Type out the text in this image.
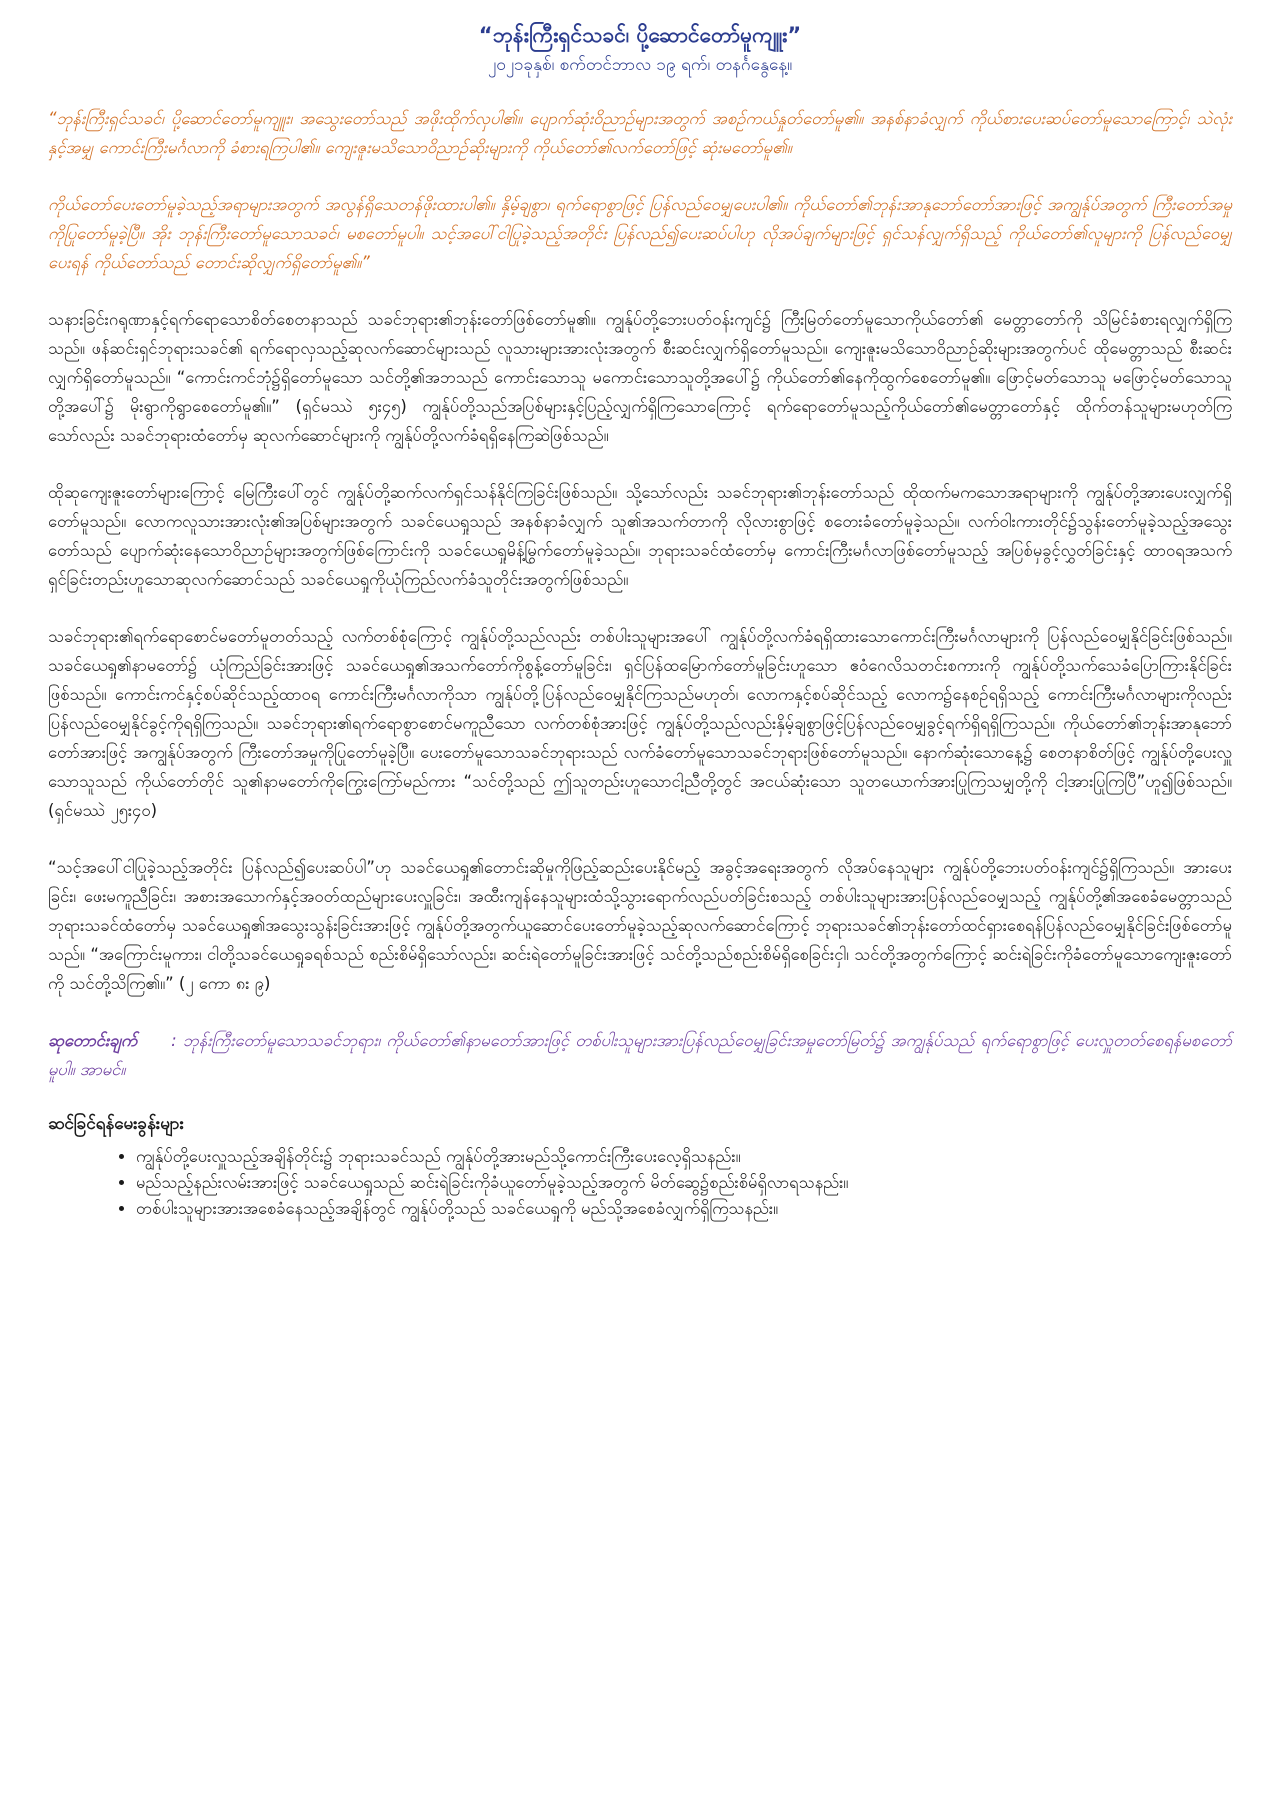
“ဘုန်းကြီးရှင်သခင်၊ ပို့ဆောင်တော်မူကျူး”
၂၀၂၁ခုနှစ်၊ စက်တင်ဘာလ ၁၉ ရက်၊ တနင်္ဂနွေနေ့။

“ဘုန်းကြီးရှင်သခင်၊ ပို့ဆောင်တော်မူကျူး၊ အသွေးတော်သည် အဖိုးထိုက်လှပါ၏။ ပျောက်ဆုံးဝိညာဉ်များအတွက် အစဉ်ကယ်နှုတ်တော်မူ၏။ အနစ်နာခံလျှက် ကိုယ်စားပေးဆပ်တော်မူသောကြောင့်၊ သဲလုံးနှင့်အမျှ ကောင်းကြီးမင်္ဂလာကို ခံစားရကြပါ၏။ ကျေးဇူးမသိသောဝိညာဉ်ဆိုးများကို ကိုယ်တော်၏လက်တော်ဖြင့် ဆုံးမတော်မူ၏။

ကိုယ်တော်ပေးတော်မူခဲ့သည့်အရာများအတွက် အလွန်ရှိသေတန်ဖိုးထားပါ၏။ နှိမ့်ချစွာ၊ ရက်ရောစွာဖြင့် ပြန်လည်ဝေမျှပေးပါ၏။ ကိုယ်တော်၏ဘုန်းအာနုဘော်တော်အားဖြင့် အကျွန်ုပ်အတွက် ကြီးတော်အမှုကိုပြုတော်မူခဲ့ပြီ။ အိုး ဘုန်းကြီးတော်မူသောသခင်၊ မစတော်မူပါ။ သင့်အပေါ်ငါပြုခဲ့သည့်အတိုင်း ပြန်လည်၍ပေးဆပ်ပါဟု လိုအပ်ချက်များဖြင့် ရှင်သန်လျှက်ရှိသည့် ကိုယ်တော်၏လူများကို ပြန်လည်ဝေမျှပေးရန် ကိုယ်တော်သည် တောင်းဆိုလျှက်ရှိတော်မူ၏။”

သနားခြင်းဂရုဏာနှင့်ရက်ရောသောစိတ်စေတနာသည် သခင်ဘုရား၏ဘုန်းတော်ဖြစ်တော်မူ၏။ ကျွန်ုပ်တို့ဘေးပတ်ဝန်းကျင်၌ ကြီးမြတ်တော်မူသောကိုယ်တော်၏ မေတ္တာတော်ကို သိမြင်ခံစားရလျှက်ရှိကြသည်။ ဖန်ဆင်းရှင်ဘုရားသခင်၏ ရက်ရောလှသည့်ဆုလက်ဆောင်များသည် လူသားများအားလုံးအတွက် စီးဆင်းလျှက်ရှိတော်မူသည်။ ကျေးဇူးမသိသောဝိညာဉ်ဆိုးများအတွက်ပင် ထိုမေတ္တာသည် စီးဆင်းလျှက်ရှိတော်မူသည်။ “ကောင်းကင်ဘုံ၌ရှိတော်မူသော သင်တို့၏အဘသည် ကောင်းသောသူ မကောင်းသောသူတို့အပေါ်၌ ကိုယ်တော်၏နေကိုထွက်စေတော်မူ၏။ ဖြောင့်မတ်သောသူ မဖြောင့်မတ်သောသူတို့အပေါ်၌ မိုးရွာကိုရွာစေတော်မူ၏။” (ရှင်မဿဲ ၅း၄၅) ကျွန်ုပ်တို့သည်အပြစ်များနှင့်ပြည့်လျှက်ရှိကြသောကြောင့် ရက်ရောတော်မူသည့်ကိုယ်တော်၏မေတ္တာတော်နှင့် ထိုက်တန်သူများမဟုတ်ကြသော်လည်း သခင်ဘုရားထံတော်မှ ဆုလက်ဆောင်များကို ကျွန်ုပ်တို့လက်ခံရရှိနေကြဆဲဖြစ်သည်။

ထိုဆုကျေးဇူးတော်များကြောင့် မြေကြီးပေါ်တွင် ကျွန်ုပ်တို့ဆက်လက်ရှင်သန်နိုင်ကြခြင်းဖြစ်သည်။ သို့သော်လည်း သခင်ဘုရား၏ဘုန်းတော်သည် ထိုထက်မကသောအရာများကို ကျွန်ုပ်တို့အားပေးလျှက်ရှိတော်မူသည်။ လောကလူသားအားလုံး၏အပြစ်များအတွက် သခင်ယေရှုသည် အနစ်နာခံလျှက် သူ၏အသက်တာကို လိုလားစွာဖြင့် စတေးခံတော်မူခဲ့သည်။ လက်ဝါးကားတိုင်၌သွန်းတော်မူခဲ့သည့်အသွေးတော်သည် ပျောက်ဆုံးနေသောဝိညာဉ်များအတွက်ဖြစ်ကြောင်းကို သခင်ယေရှုမိန့်မြွက်တော်မူခဲ့သည်။ ဘုရားသခင်ထံတော်မှ ကောင်းကြီးမင်္ဂလာဖြစ်တော်မူသည့် အပြစ်မှခွင့်လွှတ်ခြင်းနှင့် ထာဝရအသက်ရှင်ခြင်းတည်းဟူသောဆုလက်ဆောင်သည် သခင်ယေရှုကိုယုံကြည်လက်ခံသူတိုင်းအတွက်ဖြစ်သည်။

သခင်ဘုရား၏ရက်ရောစောင်မတော်မူတတ်သည့် လက်တစ်စုံကြောင့် ကျွန်ုပ်တို့သည်လည်း တစ်ပါးသူများအပေါ် ကျွန်ုပ်တို့လက်ခံရရှိထားသောကောင်းကြီးမင်္ဂလာများကို ပြန်လည်ဝေမျှနိုင်ခြင်းဖြစ်သည်။ သခင်ယေရှု၏နာမတော်၌ ယုံကြည်ခြင်းအားဖြင့် သခင်ယေရှု၏အသက်တော်ကိုစွန့်တော်မူခြင်း၊ ရှင်ပြန်ထမြောက်တော်မူခြင်းဟူသော ဧဝံဂေလိသတင်းစကားကို ကျွန်ုပ်တို့သက်သေခံပြောကြားနိုင်ခြင်းဖြစ်သည်။ ကောင်းကင်နှင့်စပ်ဆိုင်သည့်ထာဝရ ကောင်းကြီးမင်္ဂလာကိုသာ ကျွန်ုပ်တို့ပြန်လည်ဝေမျှနိုင်ကြသည်မဟုတ်၊ လောကနှင့်စပ်ဆိုင်သည့် လောက၌နေစဉ်ရရှိသည့် ကောင်းကြီးမင်္ဂလာများကိုလည်း ပြန်လည်ဝေမျှနိုင်ခွင့်ကိုရရှိကြသည်။ သခင်ဘုရား၏ရက်ရောစွာစောင်မကူညီသော လက်တစ်စုံအားဖြင့် ကျွန်ုပ်တို့သည်လည်းနှိမ့်ချစွာဖြင့်ပြန်လည်ဝေမျှခွင့်ရက်ရှိရရှိကြသည်။ ကိုယ်တော်၏ဘုန်းအာနုဘော်တော်အားဖြင့် အကျွန်ုပ်အတွက် ကြီးတော်အမှုကိုပြုတော်မူခဲ့ပြီ။ ပေးတော်မူသောသခင်ဘုရားသည် လက်ခံတော်မူသောသခင်ဘုရားဖြစ်တော်မူသည်။ နောက်ဆုံးသောနေ့၌ စေတနာစိတ်ဖြင့် ကျွန်ုပ်တို့ပေးလှူသောသူသည် ကိုယ်တော်တိုင် သူ၏နာမတော်ကိုကြွေးကြော်မည်ကား “သင်တို့သည် ဤသူတည်းဟူသောငါ့ညီတို့တွင် အငယ်ဆုံးသော သူတယောက်အားပြုကြသမျှတို့ကို ငါ့အားပြုကြပြီ”ဟူ၍ဖြစ်သည်။ (ရှင်မဿဲ ၂၅း၄၀)

“သင့်အပေါ်ငါပြုခဲ့သည့်အတိုင်း ပြန်လည်၍ပေးဆပ်ပါ”ဟု သခင်ယေရှု၏တောင်းဆိုမှုကိုဖြည့်ဆည်းပေးနိုင်မည့် အခွင့်အရေးအတွက် လိုအပ်နေသူများ ကျွန်ုပ်တို့ဘေးပတ်ဝန်းကျင်၌ရှိကြသည်။ အားပေးခြင်း၊ ဖေးမကူညီခြင်း၊ အစားအသောက်နှင့်အဝတ်ထည်များပေးလှူခြင်း၊ အထီးကျန်နေသူများထံသို့သွားရောက်လည်ပတ်ခြင်းစသည့် တစ်ပါးသူများအားပြန်လည်ဝေမျှသည့် ကျွန်ုပ်တို့၏အစေခံမေတ္တာသည် ဘုရားသခင်ထံတော်မှ သခင်ယေရှု၏အသွေးသွန်းခြင်းအားဖြင့် ကျွန်ုပ်တို့အတွက်ယူဆောင်ပေးတော်မူခဲ့သည့်ဆုလက်ဆောင်ကြောင့် ဘုရားသခင်၏ဘုန်းတော်ထင်ရှားစေရန်ပြန်လည်ဝေမျှနိုင်ခြင်းဖြစ်တော်မူသည်။ “အကြောင်းမူကား၊ ငါတို့သခင်ယေရှုခရစ်သည် စည်းစိမ်ရှိသော်လည်း၊ ဆင်းရဲတော်မူခြင်းအားဖြင့် သင်တို့သည်စည်းစိမ်ရှိစေခြင်းငှါ၊ သင်တို့အတွက်ကြောင့် ဆင်းရဲခြင်းကိုခံတော်မူသောကျေးဇူးတော်ကို သင်တို့သိကြ၏။” (၂ ကော ၈း ၉)

ဆုတောင်းချက် : ဘုန်းကြီးတော်မူသောသခင်ဘုရား၊ ကိုယ်တော်၏နာမတော်အားဖြင့် တစ်ပါးသူများအားပြန်လည်ဝေမျှခြင်းအမှုတော်မြတ်၌ အကျွန်ုပ်သည် ရက်ရောစွာဖြင့် ပေးလှူတတ်စေရန်မစတော်မူပါ။ အာမင်။

ဆင်ခြင်ရန်မေးခွန်းများ
• ကျွန်ုပ်တို့ပေးလှူသည့်အချိန်တိုင်း၌ ဘုရားသခင်သည် ကျွန်ုပ်တို့အားမည်သို့ကောင်းကြီးပေးလေ့ရှိသနည်း။
• မည်သည့်နည်းလမ်းအားဖြင့် သခင်ယေရှုသည် ဆင်းရဲခြင်းကိုခံယူတော်မူခဲ့သည့်အတွက် မိတ်ဆွေ၌စည်းစိမ်ရှိလာရသနည်း။
• တစ်ပါးသူများအားအစေခံနေသည့်အချိန်တွင် ကျွန်ုပ်တို့သည် သခင်ယေရှုကို မည်သို့အစေခံလျှက်ရှိကြသနည်း။
